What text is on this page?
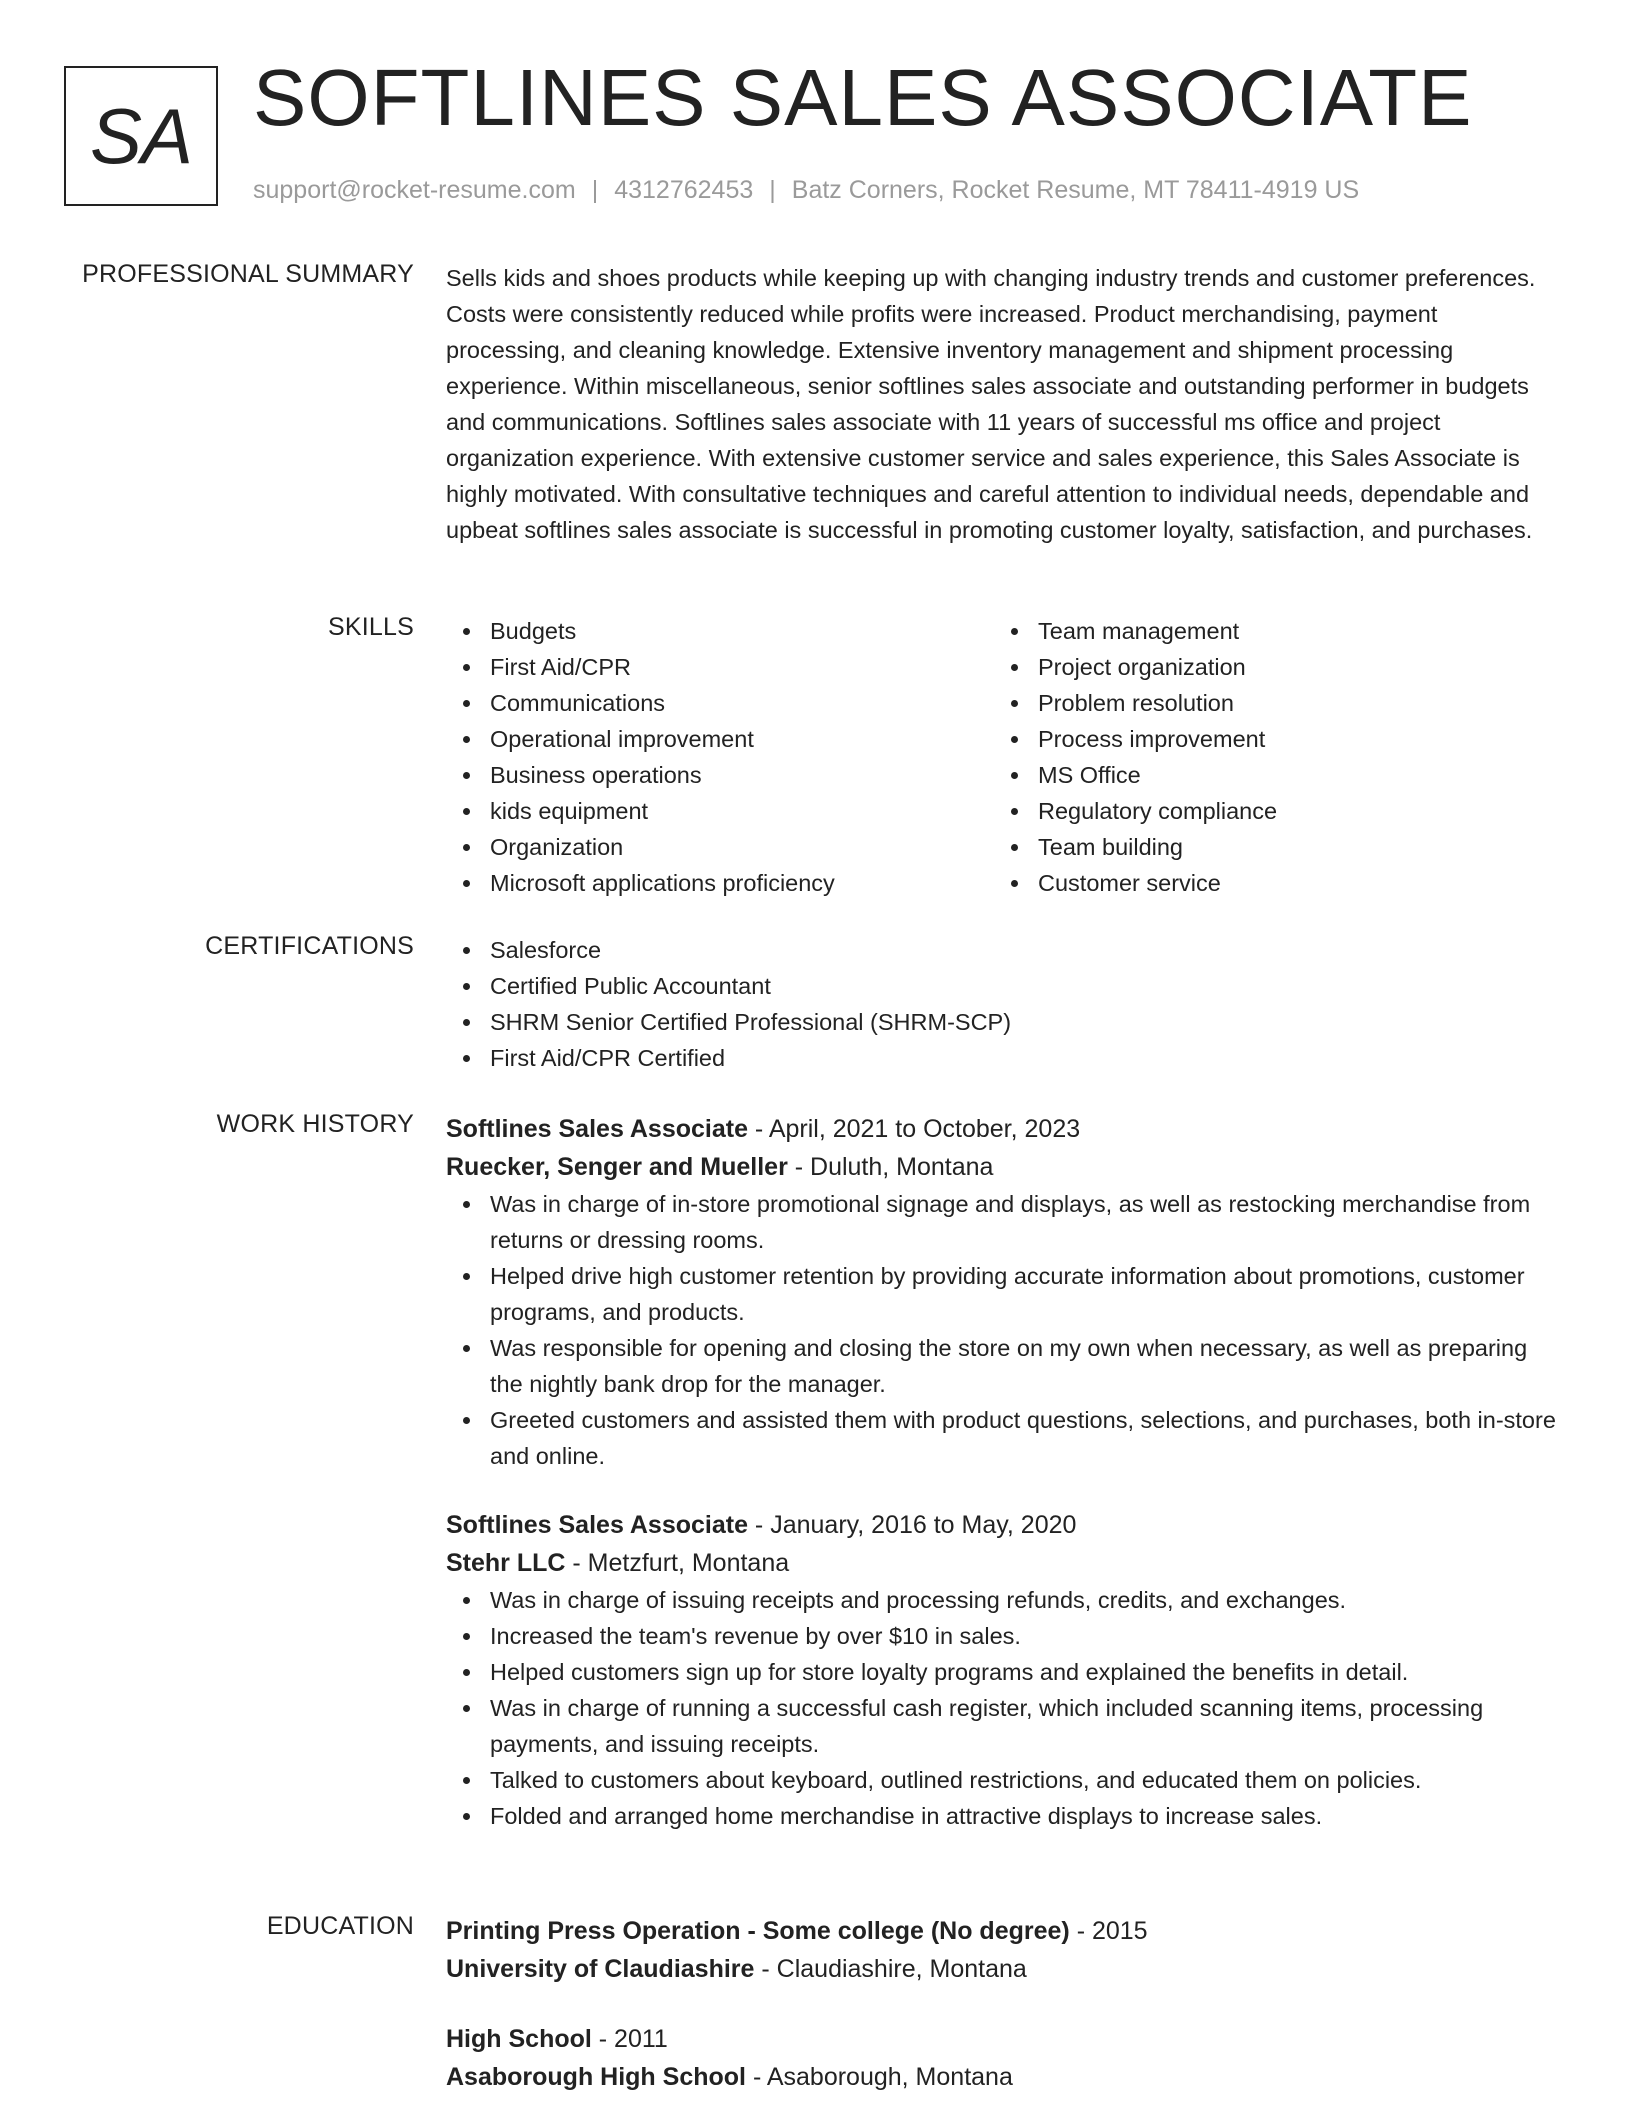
SA SOFTLINES SALES ASSOCIATE
support@rocket-resume.com | 4312762453 | Batz Corners, Rocket Resume, MT 78411-4919 US
PROFESSIONAL SUMMARY Sells kids and shoes products while keeping up with changing industry trends and customer preferences. Costs were consistently reduced while profits were increased. Product merchandising, payment processing, and cleaning knowledge. Extensive inventory management and shipment processing experience. Within miscellaneous, senior softlines sales associate and outstanding performer in budgets and communications. Softlines sales associate with 11 years of successful ms office and project organization experience. With extensive customer service and sales experience, this Sales Associate is highly motivated. With consultative techniques and careful attention to individual needs, dependable and upbeat softlines sales associate is successful in promoting customer loyalty, satisfaction, and purchases.

SKILLS	Budgets
First Aid/CPR
Communications
Operational improvement
Business operations
kids equipment
Organization
Microsoft applications proficiency
Team management
Project organization
Problem resolution
Process improvement
MS Office
Regulatory compliance
Team building
Customer service
CERTIFICATIONS	Salesforce
Certified Public Accountant
SHRM Senior Certified Professional (SHRM-SCP)
First Aid/CPR Certified
WORK HISTORY Softlines Sales Associate - April, 2021 to October, 2023
Ruecker, Senger and Mueller - Duluth, Montana
Was in charge of in-store promotional signage and displays, as well as restocking merchandise from returns or dressing rooms.
Helped drive high customer retention by providing accurate information about promotions, customer programs, and products.
Was responsible for opening and closing the store on my own when necessary, as well as preparing the nightly bank drop for the manager.
Greeted customers and assisted them with product questions, selections, and purchases, both in-store and online.
Softlines Sales Associate - January, 2016 to May, 2020
Stehr LLC - Metzfurt, Montana
Was in charge of issuing receipts and processing refunds, credits, and exchanges.
Increased the team's revenue by over $10 in sales.
Helped customers sign up for store loyalty programs and explained the benefits in detail.
Was in charge of running a successful cash register, which included scanning items, processing payments, and issuing receipts.
Talked to customers about keyboard, outlined restrictions, and educated them on policies.
Folded and arranged home merchandise in attractive displays to increase sales.
EDUCATION Printing Press Operation - Some college (No degree) - 2015
University of Claudiashire - Claudiashire, Montana
High School - 2011
Asaborough High School - Asaborough, Montana
